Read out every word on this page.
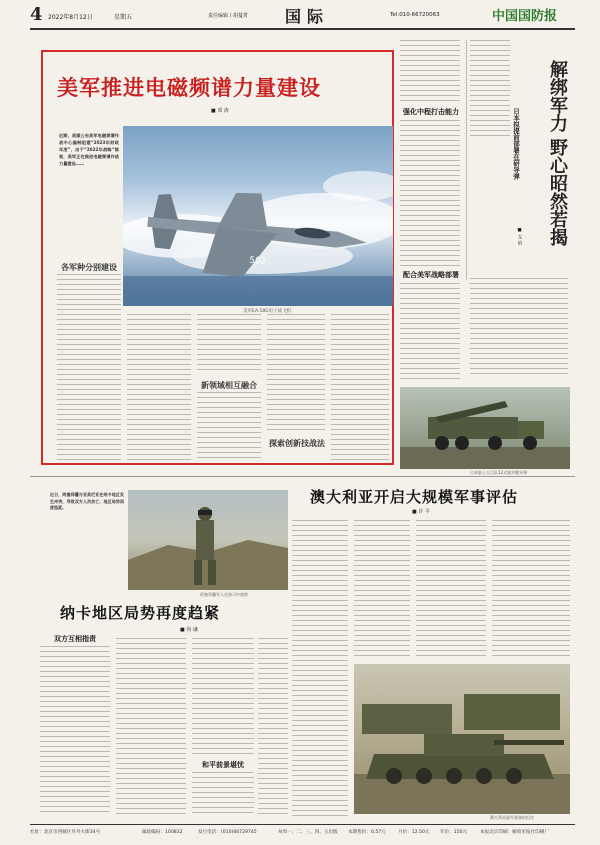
4 2022年8月12日	星期五	责任编辑 / 胡蔓菁 国际	Tel:010-66720063	中国国防报
美军推进电磁频谱力量建设
■ 邓 涛
近期，美媒公布美军电磁频谱作战中心编制组建“2023年财政年度”，由于“2022年战略”框架，美军正在推进电磁频谱作战力量建设……
502
美军EA-18G电子战飞机
各军种分别建设
新领域相互融合
探索创新技战法
强化中程打击能力
配合美军战略部署
解绑军力 野心昭然若揭
日本拟提前部署在研导弹
■ 戈 焰
日本陆上自卫队12式地对舰导弹
澳大利亚开启大规模军事评估
■ 许 平
澳大利亚陆军装备的坦克
近日，阿塞拜疆与亚美尼亚在纳卡地区发生冲突，导致双方人员伤亡，地区局势再度趋紧。
阿塞拜疆军人在演习中观察
纳卡地区局势再度趋紧
■ 尚 谦
双方互相指责
和平前景堪忧
社址：北京市西城区阜外大街34号	邮政编码：100832	发行电话：(010)66729745	每周一、二、三、四、五出版 本期售价：0.57元	月价：12.50元 年价：150元	本报北京印刷：解放军报社印刷厂
